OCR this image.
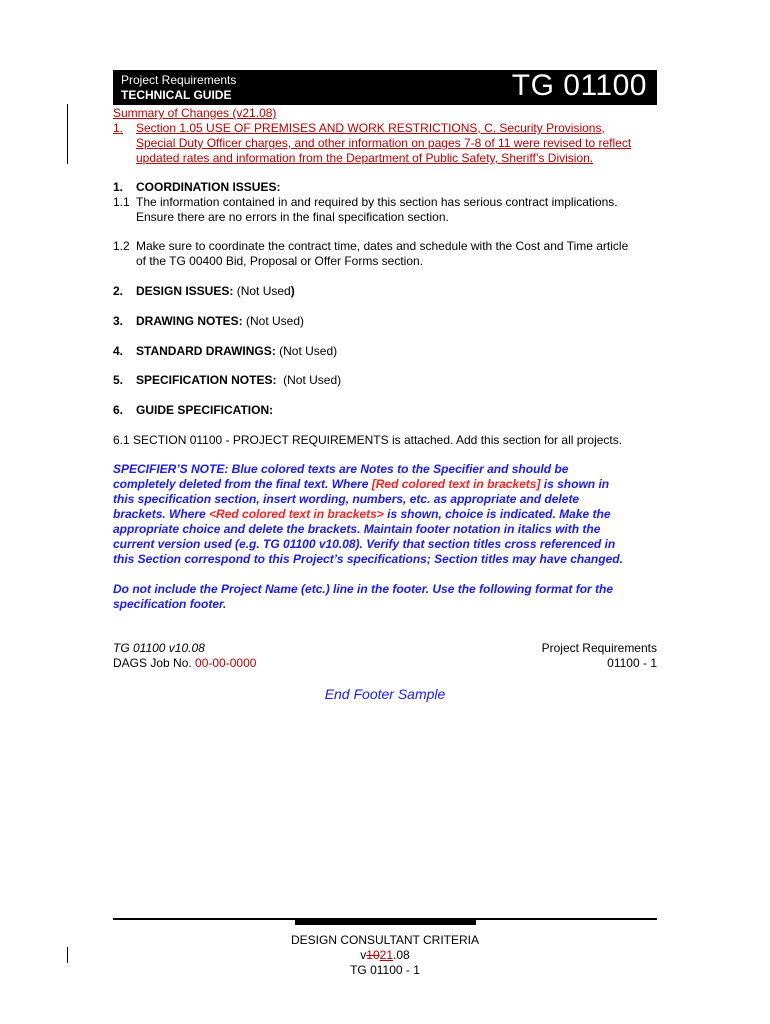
Project Requirements
TECHNICAL GUIDE	TG 01100
Summary of Changes (v21.08)
1. Section 1.05 USE OF PREMISES AND WORK RESTRICTIONS, C. Security Provisions,
Special Duty Officer charges, and other information on pages 7-8 of 11 were revised to reflect
updated rates and information from the Department of Public Safety, Sheriff’s Division.
1. COORDINATION ISSUES:
1.1 The information contained in and required by this section has serious contract implications.
Ensure there are no errors in the final specification section.
1.2 Make sure to coordinate the contract time, dates and schedule with the Cost and Time article
of the TG 00400 Bid, Proposal or Offer Forms section.
2. DESIGN ISSUES: (Not Used)
3. DRAWING NOTES: (Not Used)
4. STANDARD DRAWINGS: (Not Used)
5. SPECIFICATION NOTES: (Not Used)
6. GUIDE SPECIFICATION:
6.1 SECTION 01100 - PROJECT REQUIREMENTS is attached. Add this section for all projects.
SPECIFIER’S NOTE: Blue colored texts are Notes to the Specifier and should be
completely deleted from the final text. Where [Red colored text in brackets] is shown in
this specification section, insert wording, numbers, etc. as appropriate and delete
brackets. Where <Red colored text in brackets> is shown, choice is indicated. Make the
appropriate choice and delete the brackets. Maintain footer notation in italics with the
current version used (e.g. TG 01100 v10.08). Verify that section titles cross referenced in
this Section correspond to this Project’s specifications; Section titles may have changed.
Do not include the Project Name (etc.) line in the footer. Use the following format for the
specification footer.
TG 01100 v10.08
DAGS Job No. 00-00-0000
Project Requirements
01100 - 1
End Footer Sample
DESIGN CONSULTANT CRITERIA
v1021.08
TG 01100 - 1
